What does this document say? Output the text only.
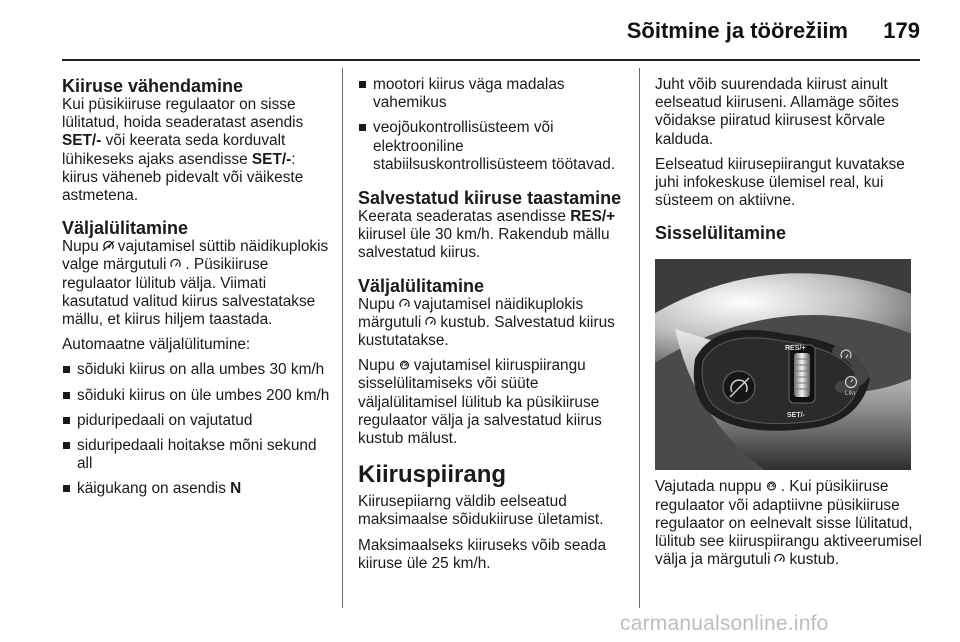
Sõitmine ja töörežiim 179
Kiiruse vähendamine

Kui püsikiiruse regulaator on sisse lülitatud, hoida seaderatast asendis SET/- või keerata seda korduvalt lühikeseks ajaks asendisse SET/-: kiirus väheneb pidevalt või väikeste astmetena.

Väljalülitamine

Nupu vajutamisel süttib näidikuplokis valge märgutuli . Püsikiiruse regulaator lülitub välja. Viimati kasutatud valitud kiirus salvestatakse mällu, et kiirus hiljem taastada.

Automaatne väljalülitumine:

sõiduki kiirus on alla umbes 30 km/h
sõiduki kiirus on üle umbes 200 km/h
piduripedaali on vajutatud
siduripedaali hoitakse mõni sekund all
käigukang on asendis N
mootori kiirus väga madalas vahemikus
veojõukontrollisüsteem või elektrooniline stabiilsuskontrollisüsteem töötavad.
Salvestatud kiiruse taastamine

Keerata seaderatas asendisse RES/+ kiirusel üle 30 km/h. Rakendub mällu salvestatud kiirus.

Väljalülitamine

Nupu vajutamisel näidikuplokis märgutuli kustub. Salvestatud kiirus kustutatakse.

Nupu vajutamisel kiiruspiirangu sisselülitamiseks või süüte väljalülitamisel lülitub ka püsikiiruse regulaator välja ja salvestatud kiirus kustub mälust.

Kiiruspiirang

Kiirusepiiarng väldib eelseatud maksimaalse sõidukiiruse ületamist.

Maksimaalseks kiiruseks võib seada kiiruse üle 25 km/h.

Juht võib suurendada kiirust ainult eelseatud kiiruseni. Allamäge sõites võidakse piiratud kiirusest kõrvale kalduda.

Eelseatud kiirusepiirangut kuvatakse juhi infokeskuse ülemisel real, kui süsteem on aktiivne.

Sisselülitamine
RES/+
SET/-
LIM

Vajutada nuppu . Kui püsikiiruse regulaator või adaptiivne püsikiiruse regulaator on eelnevalt sisse lülitatud, lülitub see kiiruspiirangu aktiveerumisel välja ja märgutuli kustub.

carmanualsonline.info
